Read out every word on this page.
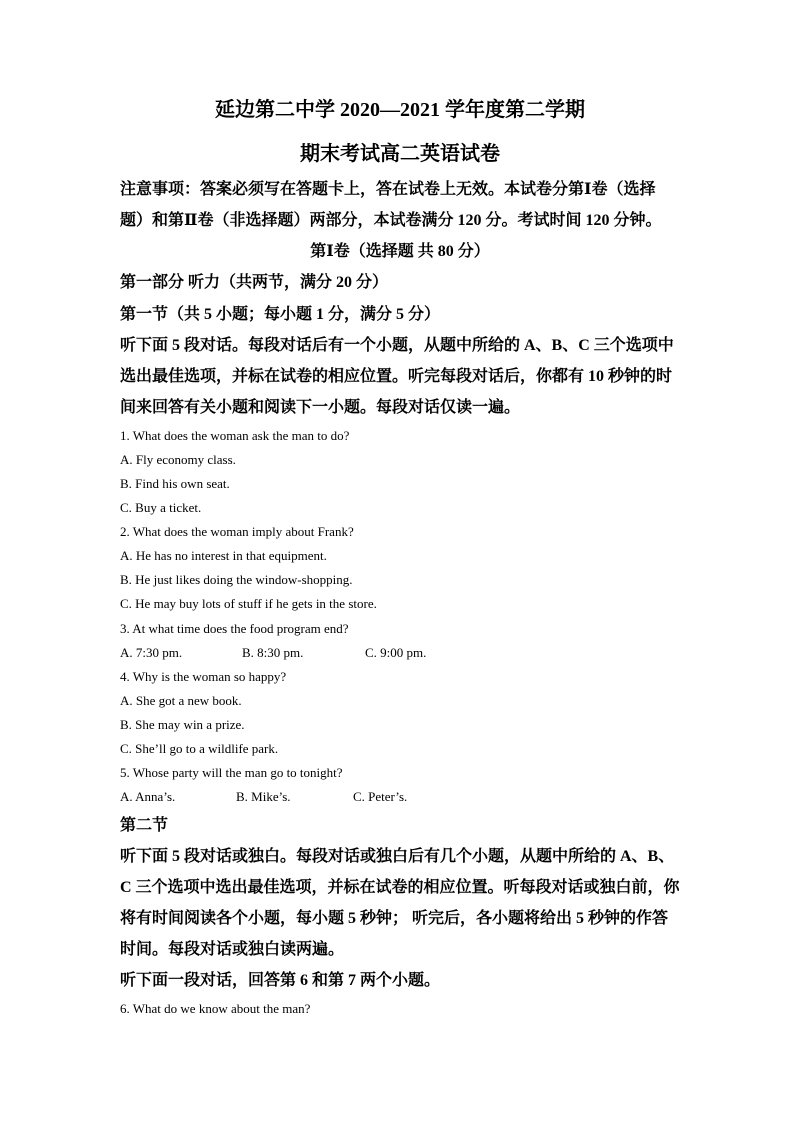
延边第二中学 2020—2021 学年度第二学期
期末考试高二英语试卷
注意事项：答案必须写在答题卡上，答在试卷上无效。本试卷分第Ⅰ卷（选择
题）和第Ⅱ卷（非选择题）两部分，本试卷满分 120 分。考试时间 120 分钟。
第Ⅰ卷（选择题 共 80 分）
第一部分 听力（共两节，满分 20 分）
第一节（共 5 小题；每小题 1 分，满分 5 分）
听下面 5 段对话。每段对话后有一个小题，从题中所给的 A、B、C 三个选项中
选出最佳选项，并标在试卷的相应位置。听完每段对话后，你都有 10 秒钟的时
间来回答有关小题和阅读下一小题。每段对话仅读一遍。
1. What does the woman ask the man to do?
A. Fly economy class.
B. Find his own seat.
C. Buy a ticket.
2. What does the woman imply about Frank?
A. He has no interest in that equipment.
B. He just likes doing the window-shopping.
C. He may buy lots of stuff if he gets in the store.
3. At what time does the food program end?
A. 7:30 pm.	B. 8:30 pm.	C. 9:00 pm.
4. Why is the woman so happy?
A. She got a new book.
B. She may win a prize.
C. She’ll go to a wildlife park.
5. Whose party will the man go to tonight?
A. Anna’s.	B. Mike’s.	C. Peter’s.
第二节
听下面 5 段对话或独白。每段对话或独白后有几个小题，从题中所给的 A、B、
C 三个选项中选出最佳选项，并标在试卷的相应位置。听每段对话或独白前，你
将有时间阅读各个小题，每小题 5 秒钟； 听完后，各小题将给出 5 秒钟的作答
时间。每段对话或独白读两遍。
听下面一段对话，回答第 6 和第 7 两个小题。
6. What do we know about the man?
